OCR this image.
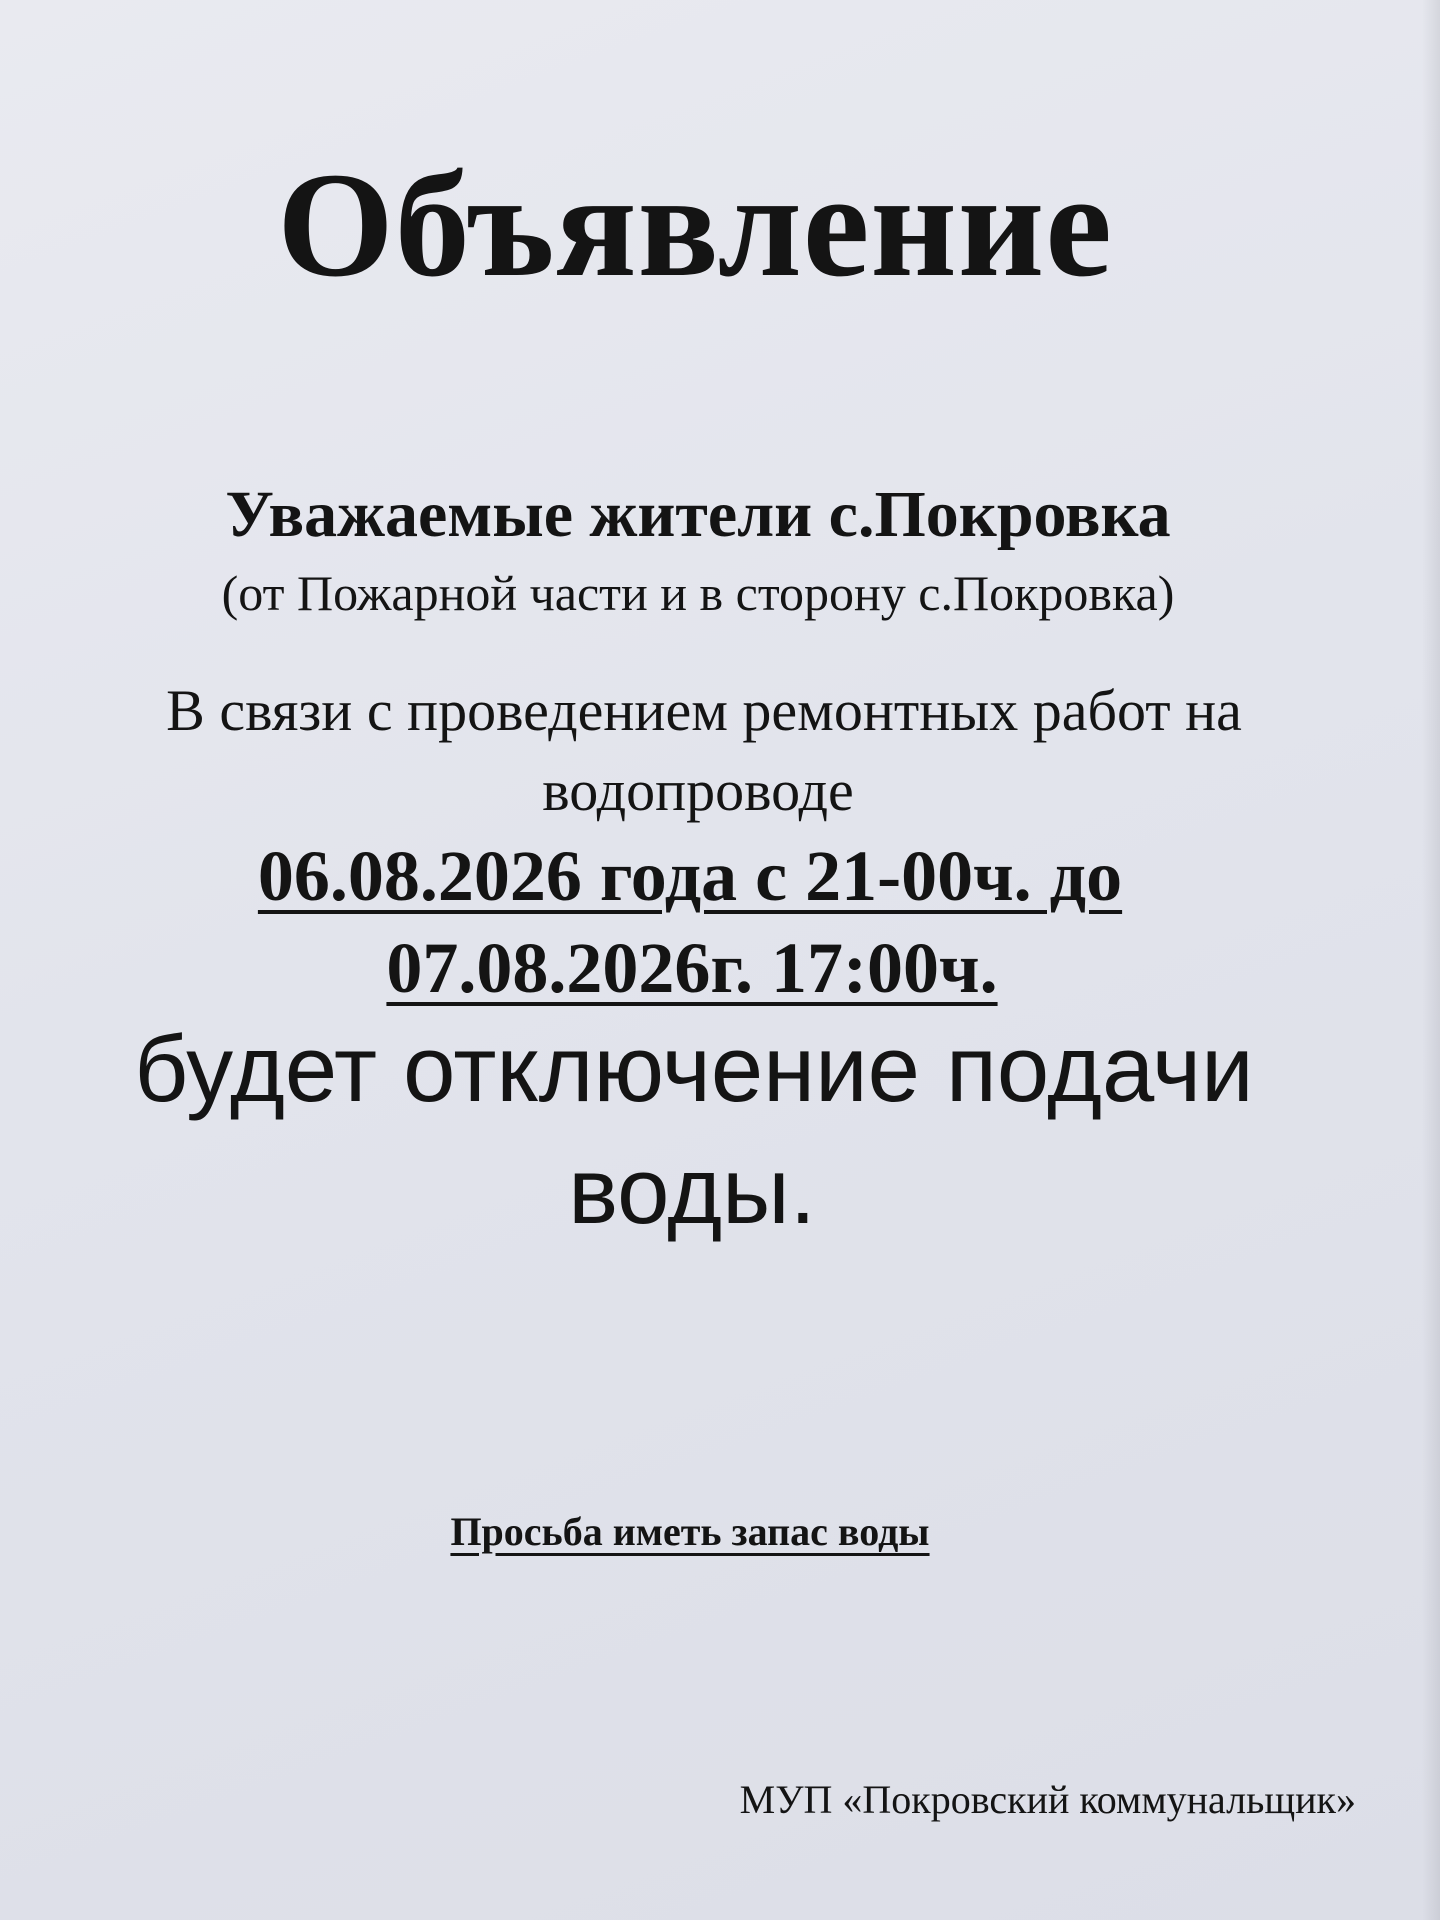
Объявление

Уважаемые жители с.Покровка

(от Пожарной части и в сторону с.Покровка)

В связи с проведением ремонтных работ на

водопроводе

06.08.2026 года с 21-00ч. до

07.08.2026г. 17:00ч.

будет отключение подачи

воды.

Просьба иметь запас воды

МУП «Покровский коммунальщик»
